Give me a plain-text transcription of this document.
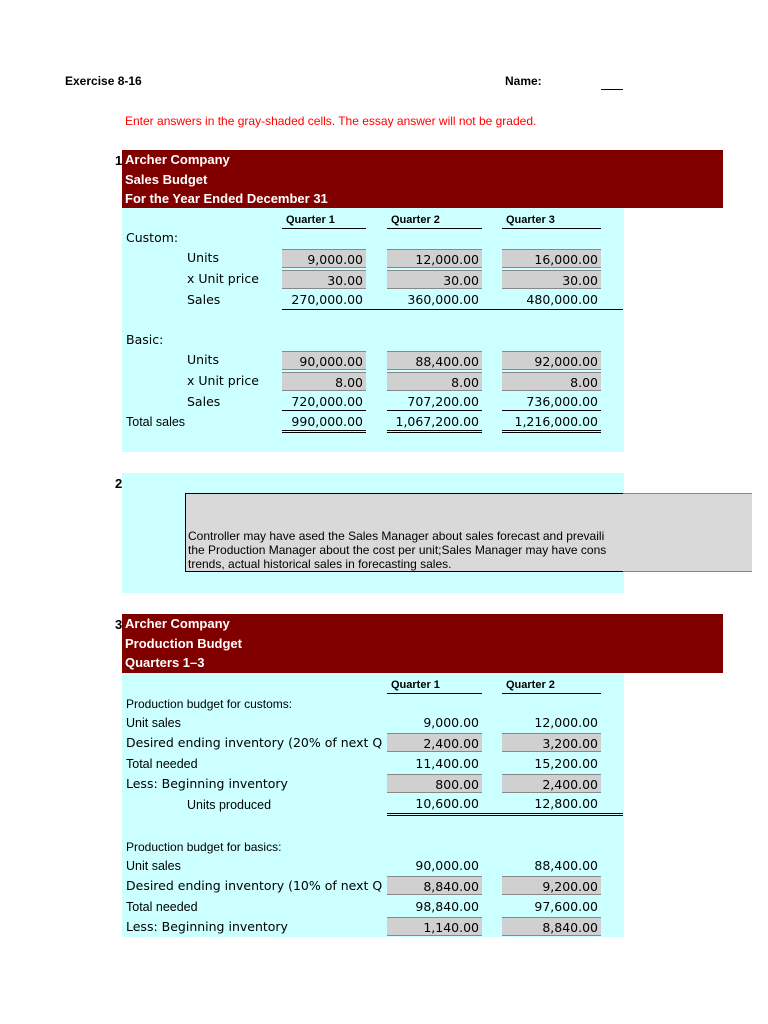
Exercise 8-16	Name:
Enter answers in the gray-shaded cells. The essay answer will not be graded.
1 Archer Company
Sales Budget
For the Year Ended December 31
Quarter 1	Quarter 2	Quarter 3
Custom:
Units	9,000.00	12,000.00	16,000.00
x Unit price	30.00	30.00	30.00
Sales	270,000.00	360,000.00	480,000.00
Basic:
Units	90,000.00	88,400.00	92,000.00
x Unit price	8.00	8.00	8.00
Sales	720,000.00	707,200.00	736,000.00
Total sales	990,000.00	1,067,200.00	1,216,000.00
2
Controller may have ased the Sales Manager about sales forecast and prevaili
the Production Manager about the cost per unit;Sales Manager may have cons
trends, actual historical sales in forecasting sales.
3 Archer Company
Production Budget
Quarters 1–3
Quarter 1	Quarter 2
Production budget for customs:
Unit sales	9,000.00	12,000.00
Desired ending inventory (20% of next Q	2,400.00	3,200.00
Total needed	11,400.00	15,200.00
Less: Beginning inventory	800.00	2,400.00
Units produced	10,600.00	12,800.00
Production budget for basics:
Unit sales	90,000.00	88,400.00
Desired ending inventory (10% of next Q	8,840.00	9,200.00
Total needed	98,840.00	97,600.00
Less: Beginning inventory	1,140.00	8,840.00
